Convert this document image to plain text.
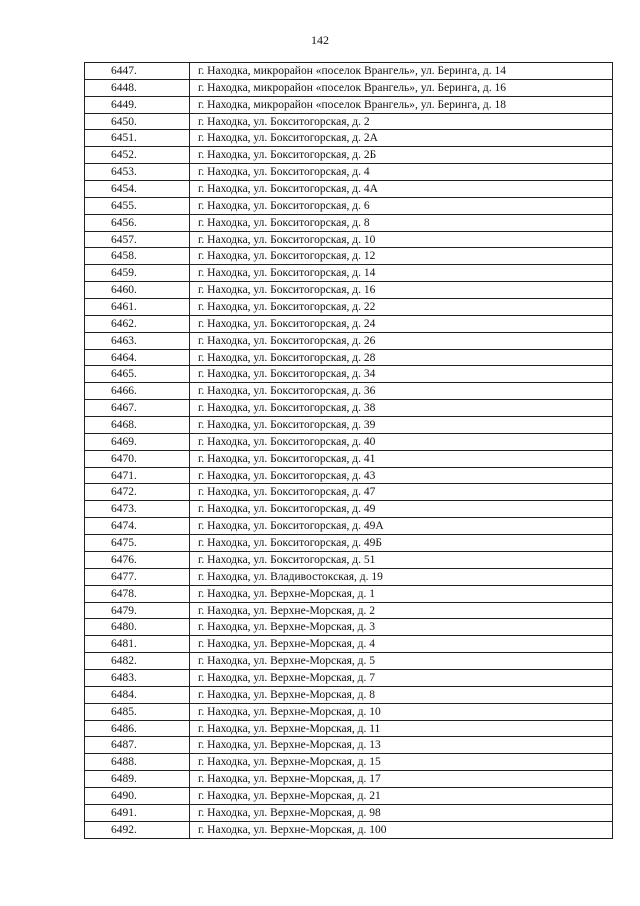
142
6447.	г. Находка, микрорайон «поселок Врангель», ул. Беринга, д. 14
6448.	г. Находка, микрорайон «поселок Врангель», ул. Беринга, д. 16
6449.	г. Находка, микрорайон «поселок Врангель», ул. Беринга, д. 18
6450.	г. Находка, ул. Бокситогорская, д. 2
6451.	г. Находка, ул. Бокситогорская, д. 2А
6452.	г. Находка, ул. Бокситогорская, д. 2Б
6453.	г. Находка, ул. Бокситогорская, д. 4
6454.	г. Находка, ул. Бокситогорская, д. 4А
6455.	г. Находка, ул. Бокситогорская, д. 6
6456.	г. Находка, ул. Бокситогорская, д. 8
6457.	г. Находка, ул. Бокситогорская, д. 10
6458.	г. Находка, ул. Бокситогорская, д. 12
6459.	г. Находка, ул. Бокситогорская, д. 14
6460.	г. Находка, ул. Бокситогорская, д. 16
6461.	г. Находка, ул. Бокситогорская, д. 22
6462.	г. Находка, ул. Бокситогорская, д. 24
6463.	г. Находка, ул. Бокситогорская, д. 26
6464.	г. Находка, ул. Бокситогорская, д. 28
6465.	г. Находка, ул. Бокситогорская, д. 34
6466.	г. Находка, ул. Бокситогорская, д. 36
6467.	г. Находка, ул. Бокситогорская, д. 38
6468.	г. Находка, ул. Бокситогорская, д. 39
6469.	г. Находка, ул. Бокситогорская, д. 40
6470.	г. Находка, ул. Бокситогорская, д. 41
6471.	г. Находка, ул. Бокситогорская, д. 43
6472.	г. Находка, ул. Бокситогорская, д. 47
6473.	г. Находка, ул. Бокситогорская, д. 49
6474.	г. Находка, ул. Бокситогорская, д. 49А
6475.	г. Находка, ул. Бокситогорская, д. 49Б
6476.	г. Находка, ул. Бокситогорская, д. 51
6477.	г. Находка, ул. Владивостокская, д. 19
6478.	г. Находка, ул. Верхне-Морская, д. 1
6479.	г. Находка, ул. Верхне-Морская, д. 2
6480.	г. Находка, ул. Верхне-Морская, д. 3
6481.	г. Находка, ул. Верхне-Морская, д. 4
6482.	г. Находка, ул. Верхне-Морская, д. 5
6483.	г. Находка, ул. Верхне-Морская, д. 7
6484.	г. Находка, ул. Верхне-Морская, д. 8
6485.	г. Находка, ул. Верхне-Морская, д. 10
6486.	г. Находка, ул. Верхне-Морская, д. 11
6487.	г. Находка, ул. Верхне-Морская, д. 13
6488.	г. Находка, ул. Верхне-Морская, д. 15
6489.	г. Находка, ул. Верхне-Морская, д. 17
6490.	г. Находка, ул. Верхне-Морская, д. 21
6491.	г. Находка, ул. Верхне-Морская, д. 98
6492.	г. Находка, ул. Верхне-Морская, д. 100
